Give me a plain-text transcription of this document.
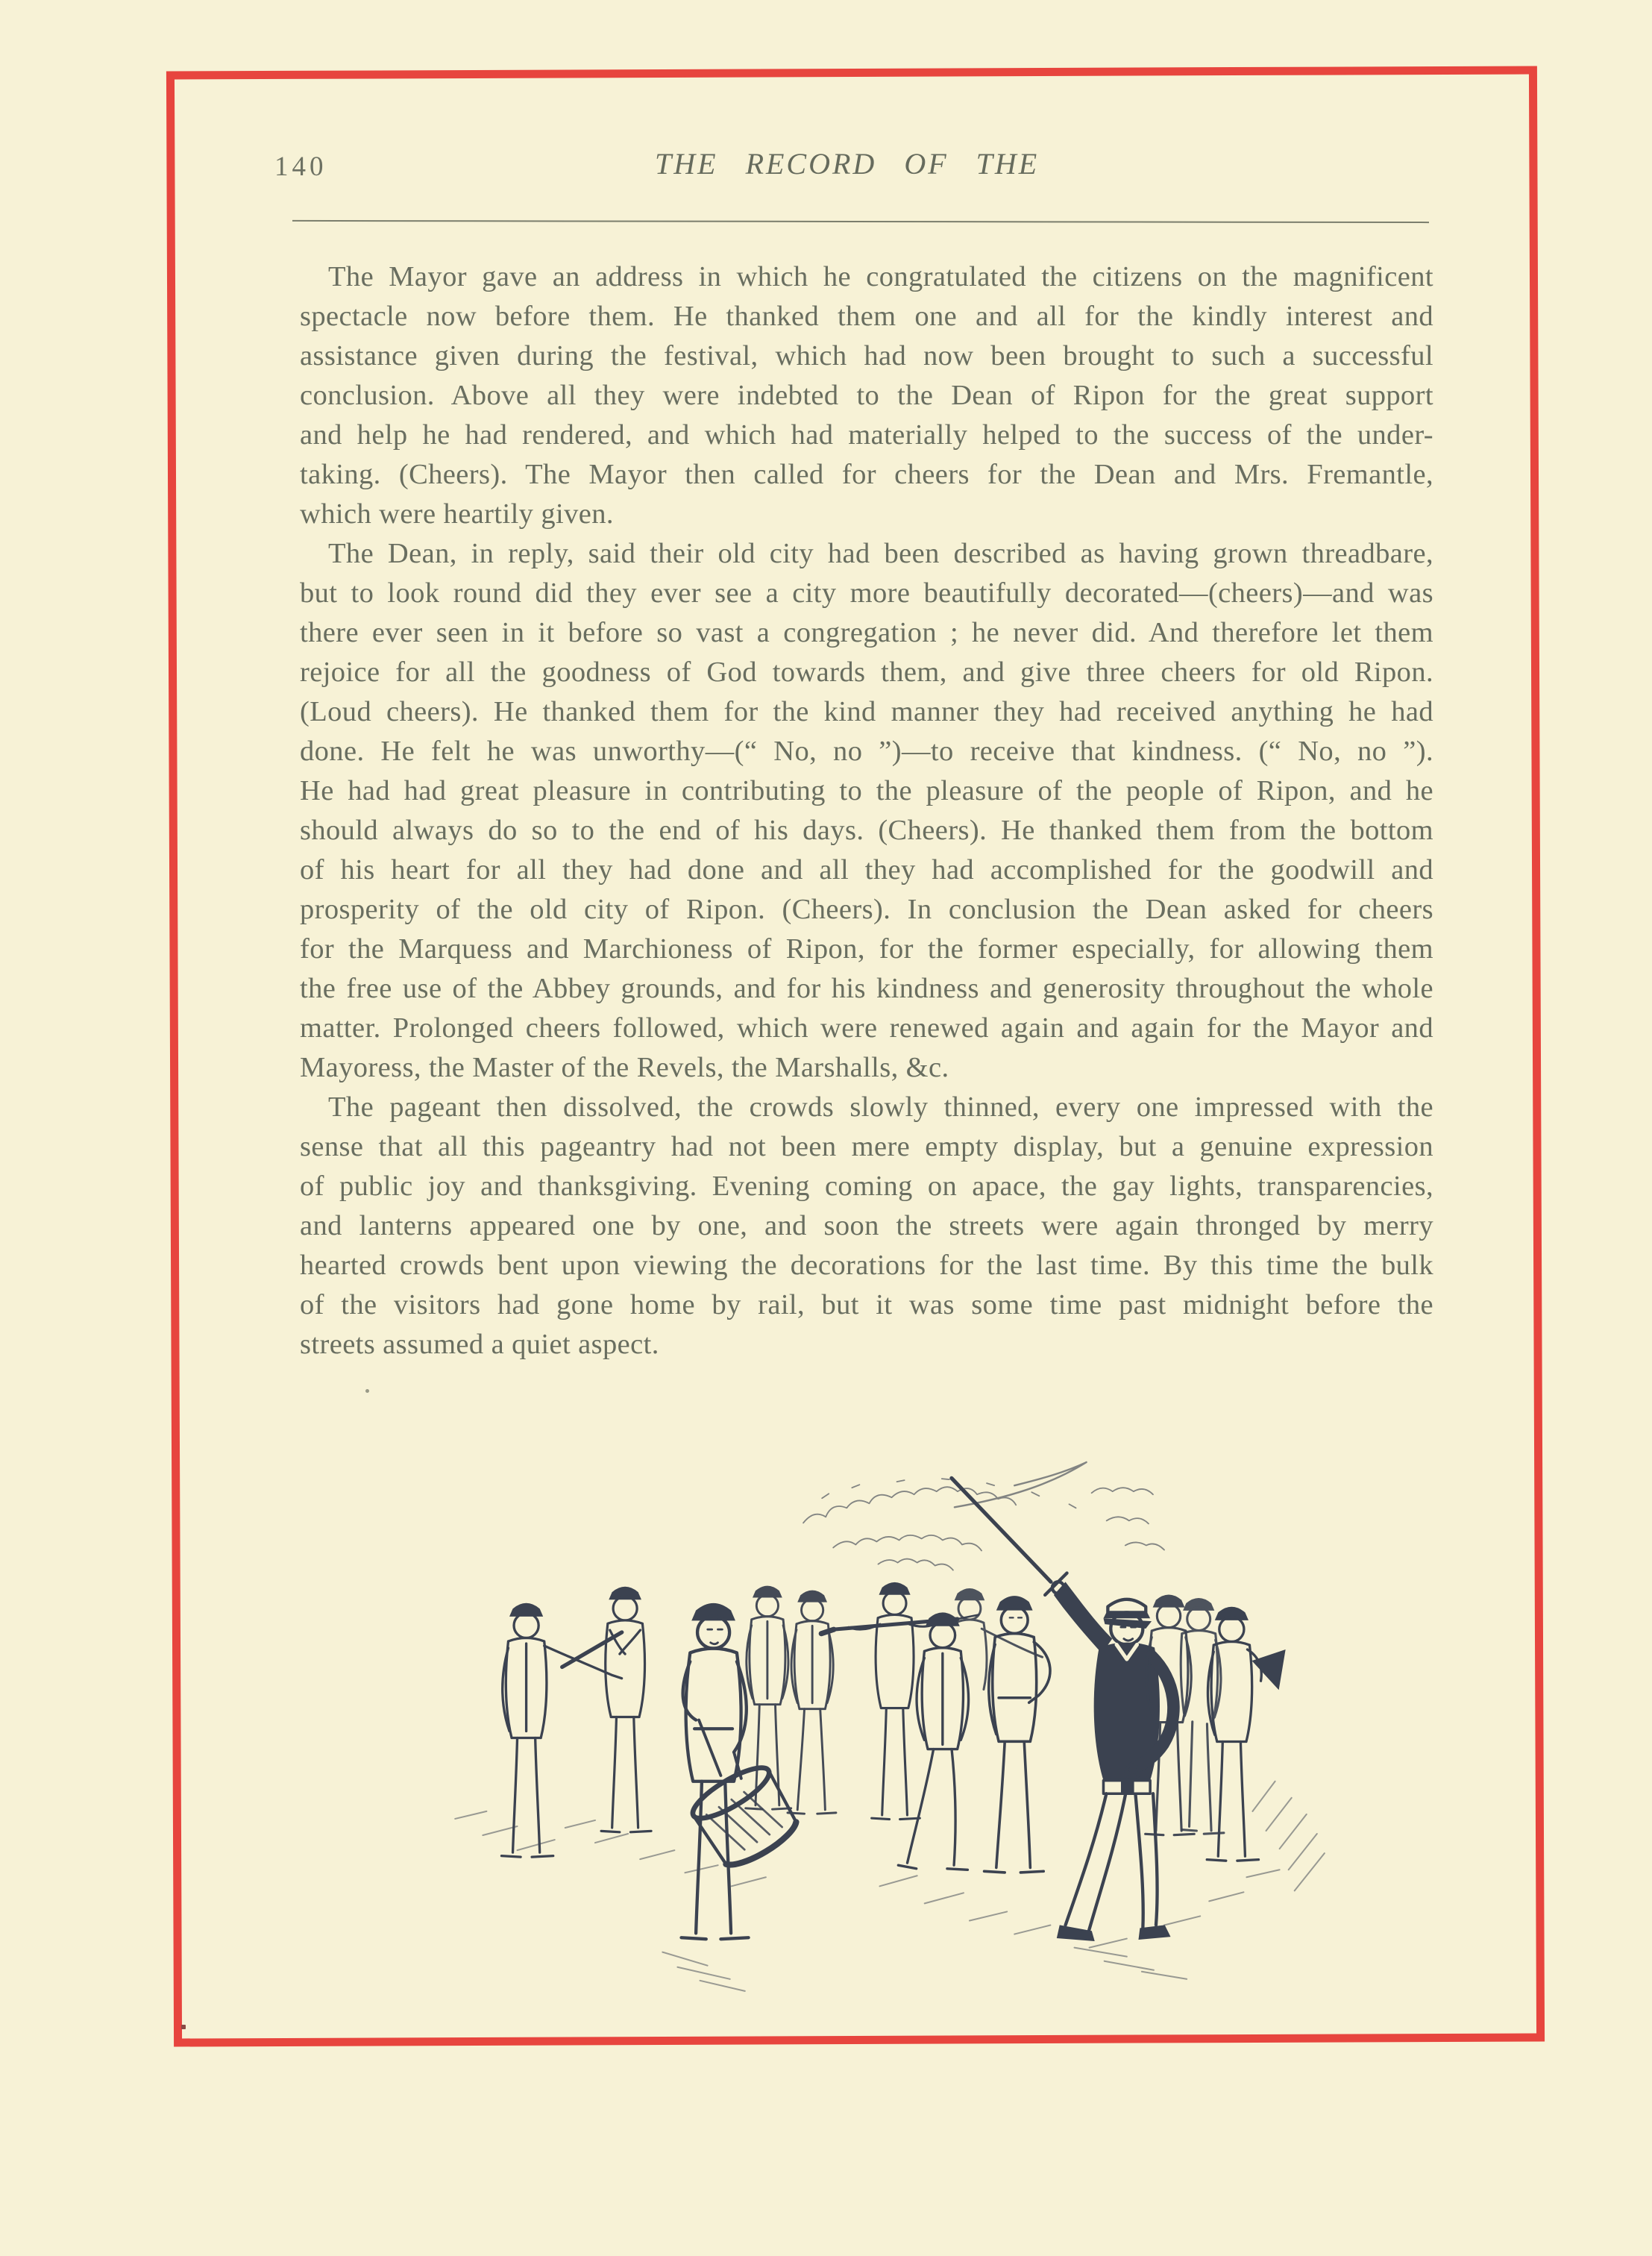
140	THE RECORD OF THE
The Mayor gave an address in which he congratulated the citizens on the magnificent
spectacle now before them. He thanked them one and all for the kindly interest and
assistance given during the festival, which had now been brought to such a successful
conclusion. Above all they were indebted to the Dean of Ripon for the great support
and help he had rendered, and which had materially helped to the success of the under-
taking. (Cheers). The Mayor then called for cheers for the Dean and Mrs. Fremantle,
which were heartily given.
The Dean, in reply, said their old city had been described as having grown threadbare,
but to look round did they ever see a city more beautifully decorated—(cheers)—and was
there ever seen in it before so vast a congregation ; he never did. And therefore let them
rejoice for all the goodness of God towards them, and give three cheers for old Ripon.
(Loud cheers). He thanked them for the kind manner they had received anything he had
done. He felt he was unworthy—(“ No, no ”)—to receive that kindness. (“ No, no ”).
He had had great pleasure in contributing to the pleasure of the people of Ripon, and he
should always do so to the end of his days. (Cheers). He thanked them from the bottom
of his heart for all they had done and all they had accomplished for the goodwill and
prosperity of the old city of Ripon. (Cheers). In conclusion the Dean asked for cheers
for the Marquess and Marchioness of Ripon, for the former especially, for allowing them
the free use of the Abbey grounds, and for his kindness and generosity throughout the whole
matter. Prolonged cheers followed, which were renewed again and again for the Mayor and
Mayoress, the Master of the Revels, the Marshalls, &c.
The pageant then dissolved, the crowds slowly thinned, every one impressed with the
sense that all this pageantry had not been mere empty display, but a genuine expression
of public joy and thanksgiving. Evening coming on apace, the gay lights, transparencies,
and lanterns appeared one by one, and soon the streets were again thronged by merry
hearted crowds bent upon viewing the decorations for the last time. By this time the bulk
of the visitors had gone home by rail, but it was some time past midnight before the
streets assumed a quiet aspect.
